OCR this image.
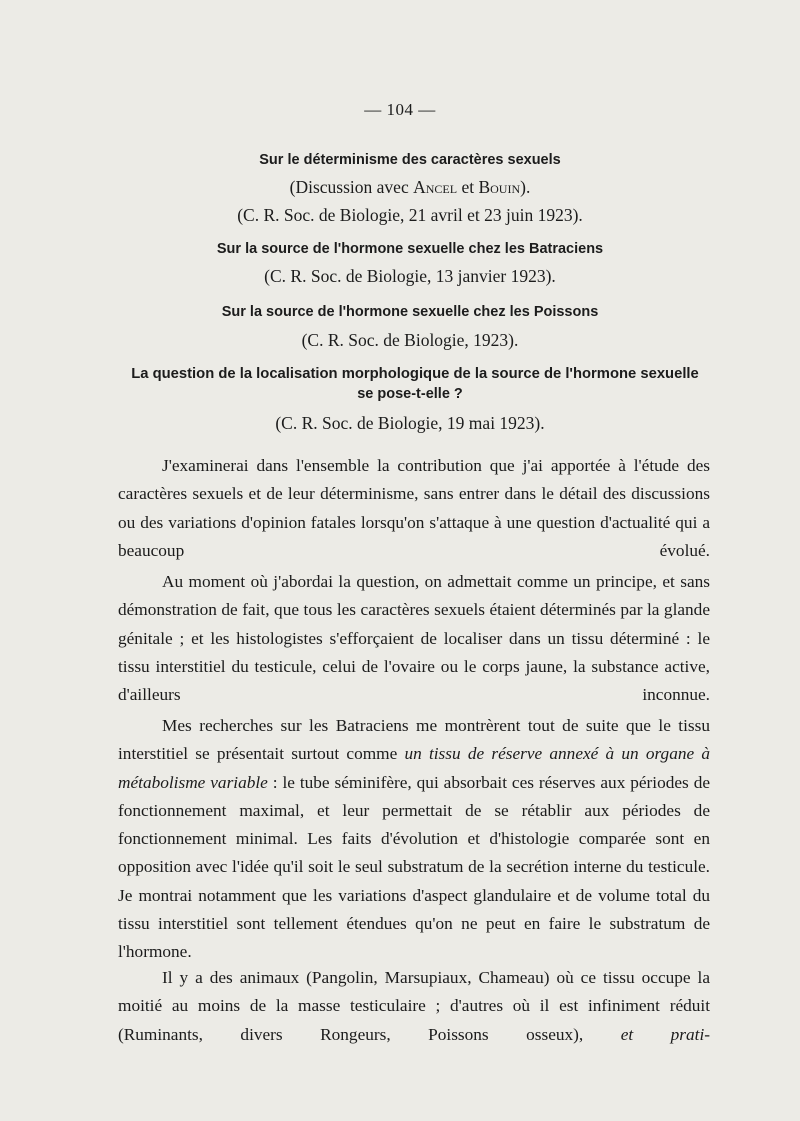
— 104 —

Sur le déterminisme des caractères sexuels

(Discussion avec Ancel et Bouin).

(C. R. Soc. de Biologie, 21 avril et 23 juin 1923).

Sur la source de l'hormone sexuelle chez les Batraciens

(C. R. Soc. de Biologie, 13 janvier 1923).

Sur la source de l'hormone sexuelle chez les Poissons

(C. R. Soc. de Biologie, 1923).

La question de la localisation morphologique de la source de l'hormone sexuelle

se pose-t-elle ?

(C. R. Soc. de Biologie, 19 mai 1923).

J'examinerai dans l'ensemble la contribution que j'ai apportée à l'étude des caractères sexuels et de leur déterminisme, sans entrer dans le détail des discussions ou des variations d'opinion fatales lorsqu'on s'attaque à une question d'actualité qui a beaucoup évolué.

Au moment où j'abordai la question, on admettait comme un principe, et sans démonstration de fait, que tous les caractères sexuels étaient déterminés par la glande génitale ; et les histologistes s'efforçaient de localiser dans un tissu déterminé : le tissu interstitiel du testicule, celui de l'ovaire ou le corps jaune, la substance active, d'ailleurs inconnue.

Mes recherches sur les Batraciens me montrèrent tout de suite que le tissu interstitiel se présentait surtout comme un tissu de réserve annexé à un organe à métabolisme variable : le tube séminifère, qui absorbait ces réserves aux périodes de fonctionnement maximal, et leur permettait de se rétablir aux périodes de fonctionnement minimal. Les faits d'évolution et d'histologie comparée sont en opposition avec l'idée qu'il soit le seul substratum de la secrétion interne du testicule. Je montrai notamment que les variations d'aspect glandulaire et de volume total du tissu interstitiel sont tellement étendues qu'on ne peut en faire le substratum de l'hormone.

Il y a des animaux (Pangolin, Marsupiaux, Chameau) où ce tissu occupe la moitié au moins de la masse testiculaire ; d'autres où il est infiniment réduit (Ruminants, divers Rongeurs, Poissons osseux), et prati-
